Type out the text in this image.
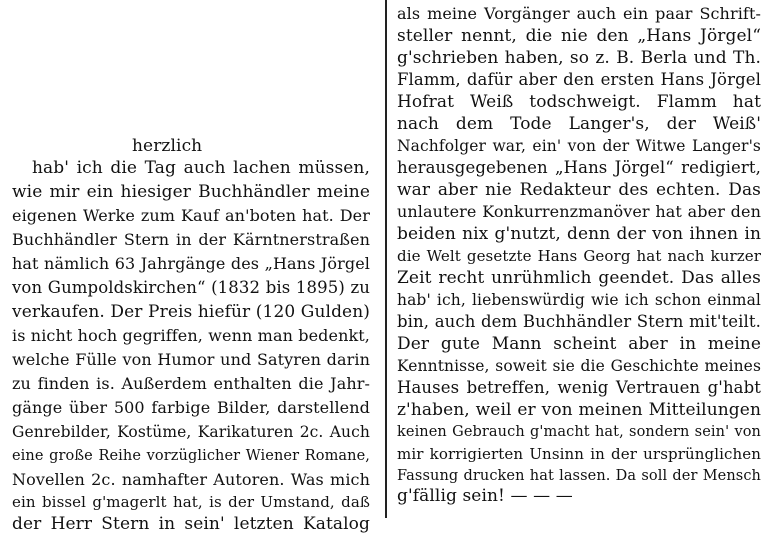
herzlich
hab' ich die Tag auch lachen müssen,
wie mir ein hiesiger Buchhändler meine
eigenen Werke zum Kauf an'boten hat. Der
Buchhändler Stern in der Kärntnerstraßen
hat nämlich 63 Jahrgänge des „Hans Jörgel
von Gumpoldskirchen“ (1832 bis 1895) zu
verkaufen. Der Preis hiefür (120 Gulden)
is nicht hoch gegriffen, wenn man bedenkt,
welche Fülle von Humor und Satyren darin
zu finden is. Außerdem enthalten die Jahr-
gänge über 500 farbige Bilder, darstellend
Genrebilder, Kostüme, Karikaturen 2c. Auch
eine große Reihe vorzüglicher Wiener Romane,
Novellen 2c. namhafter Autoren. Was mich
ein bissel g'magerlt hat, is der Umstand, daß
der Herr Stern in sein' letzten Katalog
als meine Vorgänger auch ein paar Schrift-
steller nennt, die nie den „Hans Jörgel“
g'schrieben haben, so z. B. Berla und Th.
Flamm, dafür aber den ersten Hans Jörgel
Hofrat Weiß todschweigt. Flamm hat
nach dem Tode Langer's, der Weiß'
Nachfolger war, ein' von der Witwe Langer's
herausgegebenen „Hans Jörgel“ redigiert,
war aber nie Redakteur des echten. Das
unlautere Konkurrenzmanöver hat aber den
beiden nix g'nutzt, denn der von ihnen in
die Welt gesetzte Hans Georg hat nach kurzer
Zeit recht unrühmlich geendet. Das alles
hab' ich, liebenswürdig wie ich schon einmal
bin, auch dem Buchhändler Stern mit'teilt.
Der gute Mann scheint aber in meine
Kenntnisse, soweit sie die Geschichte meines
Hauses betreffen, wenig Vertrauen g'habt
z'haben, weil er von meinen Mitteilungen
keinen Gebrauch g'macht hat, sondern sein' von
mir korrigierten Unsinn in der ursprünglichen
Fassung drucken hat lassen. Da soll der Mensch
g'fällig sein! — — —
